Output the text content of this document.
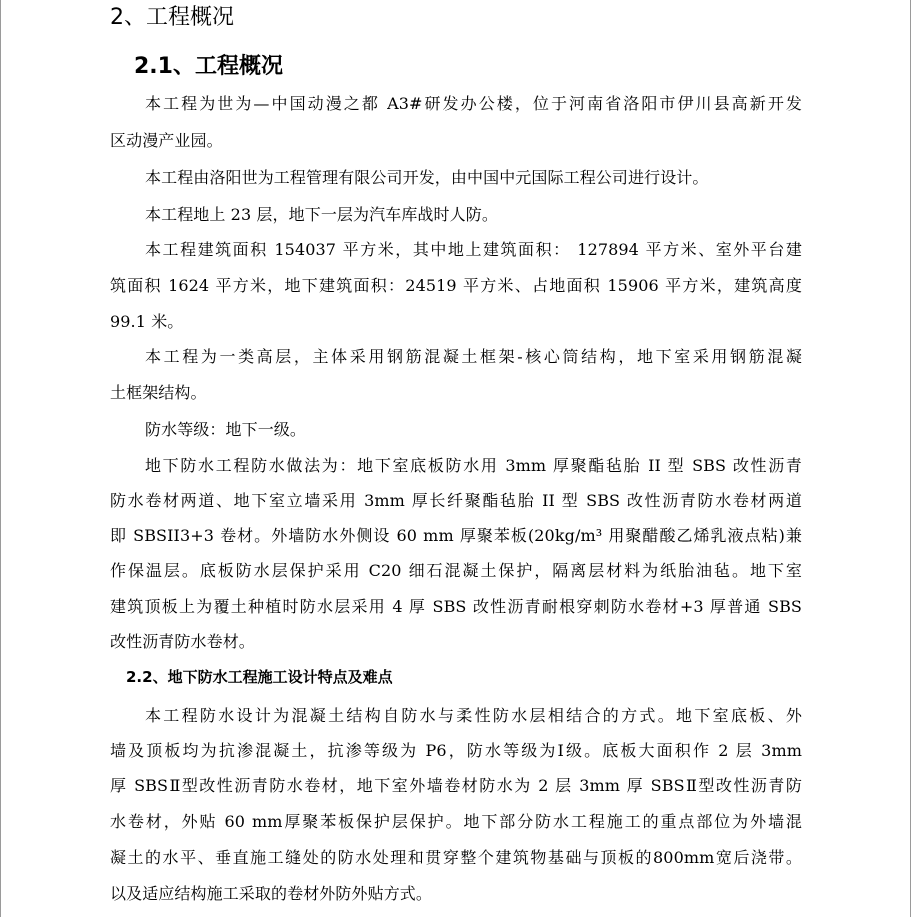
2、工程概况
2.1、工程概况
本工程为世为—中国动漫之都 A3#研发办公楼，位于河南省洛阳市伊川县高新开发
区动漫产业园。
本工程由洛阳世为工程管理有限公司开发，由中国中元国际工程公司进行设计。
本工程地上 23 层，地下一层为汽车库战时人防。
本工程建筑面积 154037 平方米，其中地上建筑面积： 127894 平方米、室外平台建
筑面积 1624 平方米，地下建筑面积：24519 平方米、占地面积 15906 平方米，建筑高度
99.1 米。
本工程为一类高层，主体采用钢筋混凝土框架-核心筒结构，地下室采用钢筋混凝
土框架结构。
防水等级：地下一级。
地下防水工程防水做法为：地下室底板防水用 3mm 厚聚酯毡胎 II 型 SBS 改性沥青
防水卷材两道、地下室立墙采用 3mm 厚长纤聚酯毡胎 II 型 SBS 改性沥青防水卷材两道
即 SBSII3+3 卷材。外墙防水外侧设 60 mm 厚聚苯板(20kg/m³ 用聚醋酸乙烯乳液点粘)兼
作保温层。底板防水层保护采用 C20 细石混凝土保护，隔离层材料为纸胎油毡。地下室
建筑顶板上为覆土种植时防水层采用 4 厚 SBS 改性沥青耐根穿刺防水卷材+3 厚普通 SBS
改性沥青防水卷材。
2.2、地下防水工程施工设计特点及难点
本工程防水设计为混凝土结构自防水与柔性防水层相结合的方式。地下室底板、外
墙及顶板均为抗渗混凝土，抗渗等级为 P6，防水等级为Ⅰ级。底板大面积作 2 层 3mm
厚 SBSⅡ型改性沥青防水卷材，地下室外墙卷材防水为 2 层 3mm 厚 SBSⅡ型改性沥青防
水卷材，外贴 60 mm厚聚苯板保护层保护。地下部分防水工程施工的重点部位为外墙混
凝土的水平、垂直施工缝处的防水处理和贯穿整个建筑物基础与顶板的800mm宽后浇带。
以及适应结构施工采取的卷材外防外贴方式。
